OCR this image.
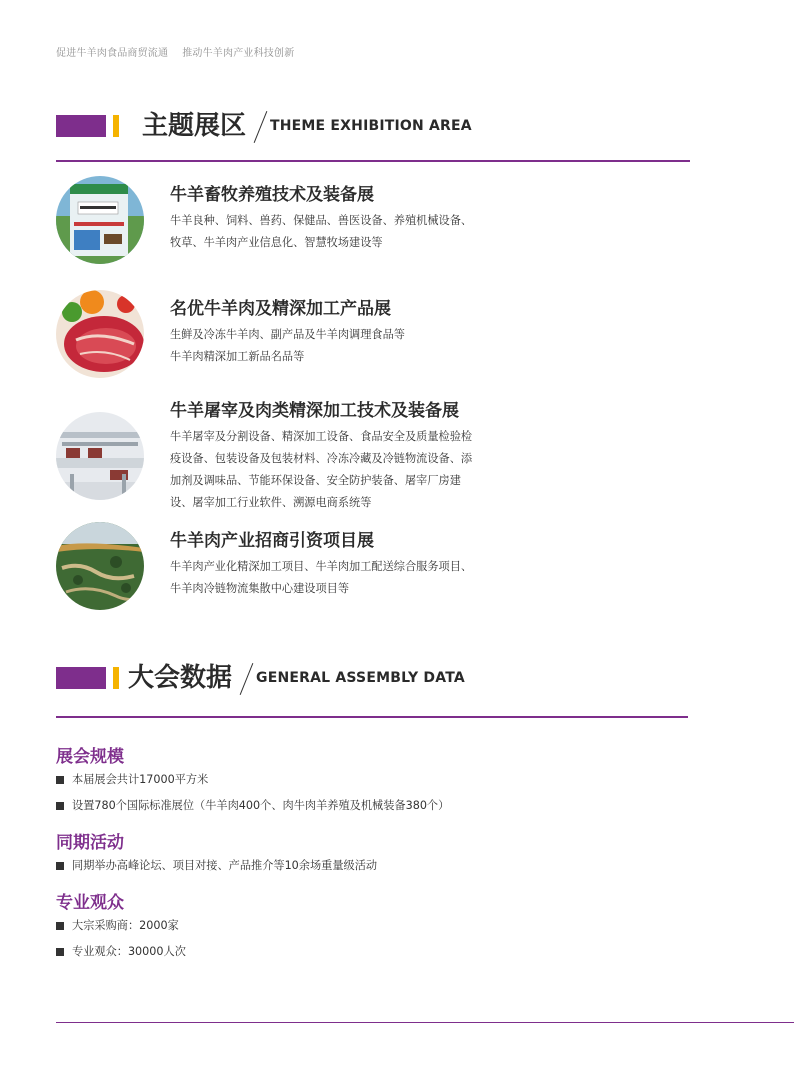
促进牛羊肉食品商贸流通 推动牛羊肉产业科技创新
主题展区 THEME EXHIBITION AREA
牛羊畜牧养殖技术及装备展
牛羊良种、饲料、兽药、保健品、兽医设备、养殖机械设备、
牧草、牛羊肉产业信息化、智慧牧场建设等
名优牛羊肉及精深加工产品展
生鲜及冷冻牛羊肉、副产品及牛羊肉调理食品等
牛羊肉精深加工新品名品等
牛羊屠宰及肉类精深加工技术及装备展
牛羊屠宰及分割设备、精深加工设备、食品安全及质量检验检
疫设备、包装设备及包装材料、冷冻冷藏及冷链物流设备、添
加剂及调味品、节能环保设备、安全防护装备、屠宰厂房建
设、屠宰加工行业软件、溯源电商系统等
牛羊肉产业招商引资项目展
牛羊肉产业化精深加工项目、牛羊肉加工配送综合服务项目、
牛羊肉冷链物流集散中心建设项目等
大会数据 GENERAL ASSEMBLY DATA
展会规模
本届展会共计17000平方米
设置780个国际标准展位（牛羊肉400个、肉牛肉羊养殖及机械装备380个）
同期活动
同期举办高峰论坛、项目对接、产品推介等10余场重量级活动
专业观众
大宗采购商：2000家
专业观众：30000人次
